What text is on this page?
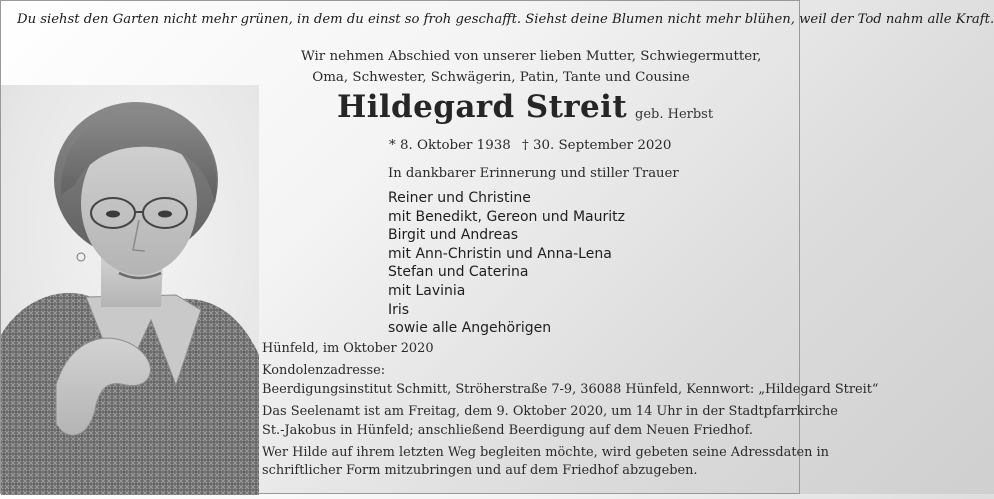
Du siehst den Garten nicht mehr grünen, in dem du einst so froh geschafft. Siehst deine Blumen nicht mehr blühen, weil der Tod nahm alle Kraft.
Wir nehmen Abschied von unserer lieben Mutter, Schwiegermutter,
Oma, Schwester, Schwägerin, Patin, Tante und Cousine
Hildegard Streit geb. Herbst
* 8. Oktober 1938 † 30. September 2020
In dankbarer Erinnerung und stiller Trauer
Reiner und Christine
mit Benedikt, Gereon und Mauritz
Birgit und Andreas
mit Ann-Christin und Anna-Lena
Stefan und Caterina
mit Lavinia
Iris
sowie alle Angehörigen
Hünfeld, im Oktober 2020
Kondolenzadresse:
Beerdigungsinstitut Schmitt, Ströherstraße 7-9, 36088 Hünfeld, Kennwort: „Hildegard Streit“
Das Seelenamt ist am Freitag, dem 9. Oktober 2020, um 14 Uhr in der Stadtpfarrkirche
St.-Jakobus in Hünfeld; anschließend Beerdigung auf dem Neuen Friedhof.
Wer Hilde auf ihrem letzten Weg begleiten möchte, wird gebeten seine Adressdaten in
schriftlicher Form mitzubringen und auf dem Friedhof abzugeben.
